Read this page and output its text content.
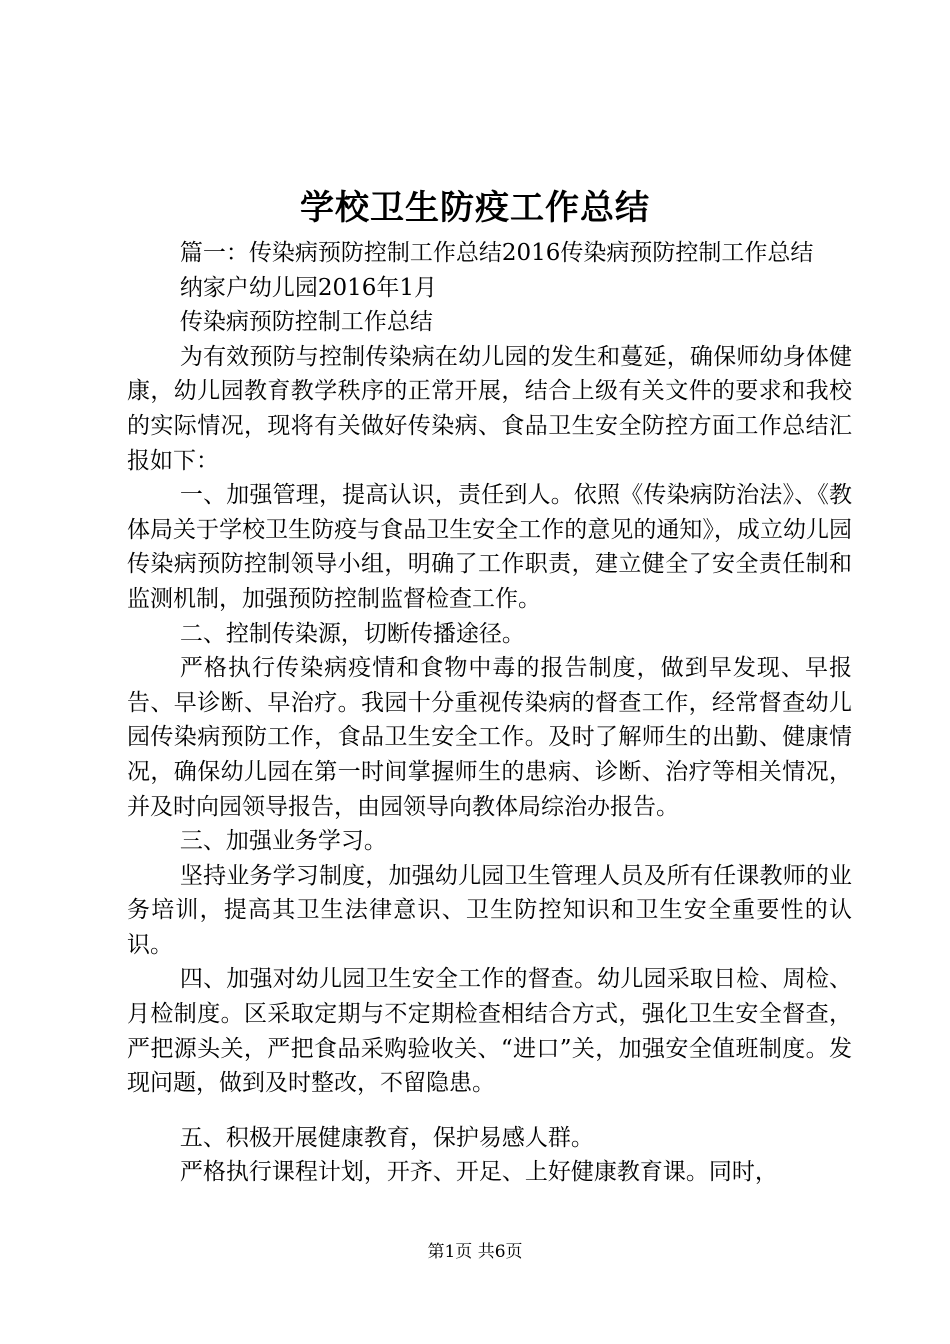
学校卫生防疫工作总结

篇一：传染病预防控制工作总结2016传染病预防控制工作总结

纳家户幼儿园2016年1月

传染病预防控制工作总结

为有效预防与控制传染病在幼儿园的发生和蔓延，确保师幼身体健康，幼儿园教育教学秩序的正常开展，结合上级有关文件的要求和我校的实际情况，现将有关做好传染病、食品卫生安全防控方面工作总结汇报如下：

一、加强管理，提高认识，责任到人。依照《传染病防治法》、《教体局关于学校卫生防疫与食品卫生安全工作的意见的通知》，成立幼儿园传染病预防控制领导小组，明确了工作职责，建立健全了安全责任制和监测机制，加强预防控制监督检查工作。

二、控制传染源，切断传播途径。

严格执行传染病疫情和食物中毒的报告制度，做到早发现、早报告、早诊断、早治疗。我园十分重视传染病的督查工作，经常督查幼儿园传染病预防工作，食品卫生安全工作。及时了解师生的出勤、健康情况，确保幼儿园在第一时间掌握师生的患病、诊断、治疗等相关情况，并及时向园领导报告，由园领导向教体局综治办报告。

三、加强业务学习。

坚持业务学习制度，加强幼儿园卫生管理人员及所有任课教师的业务培训，提高其卫生法律意识、卫生防控知识和卫生安全重要性的认识。

四、加强对幼儿园卫生安全工作的督查。幼儿园采取日检、周检、月检制度。区采取定期与不定期检查相结合方式，强化卫生安全督查，严把源头关，严把食品采购验收关、“进口”关，加强安全值班制度。发现问题，做到及时整改，不留隐患。

五、积极开展健康教育，保护易感人群。

严格执行课程计划，开齐、开足、上好健康教育课。同时，

第1页 共6页
